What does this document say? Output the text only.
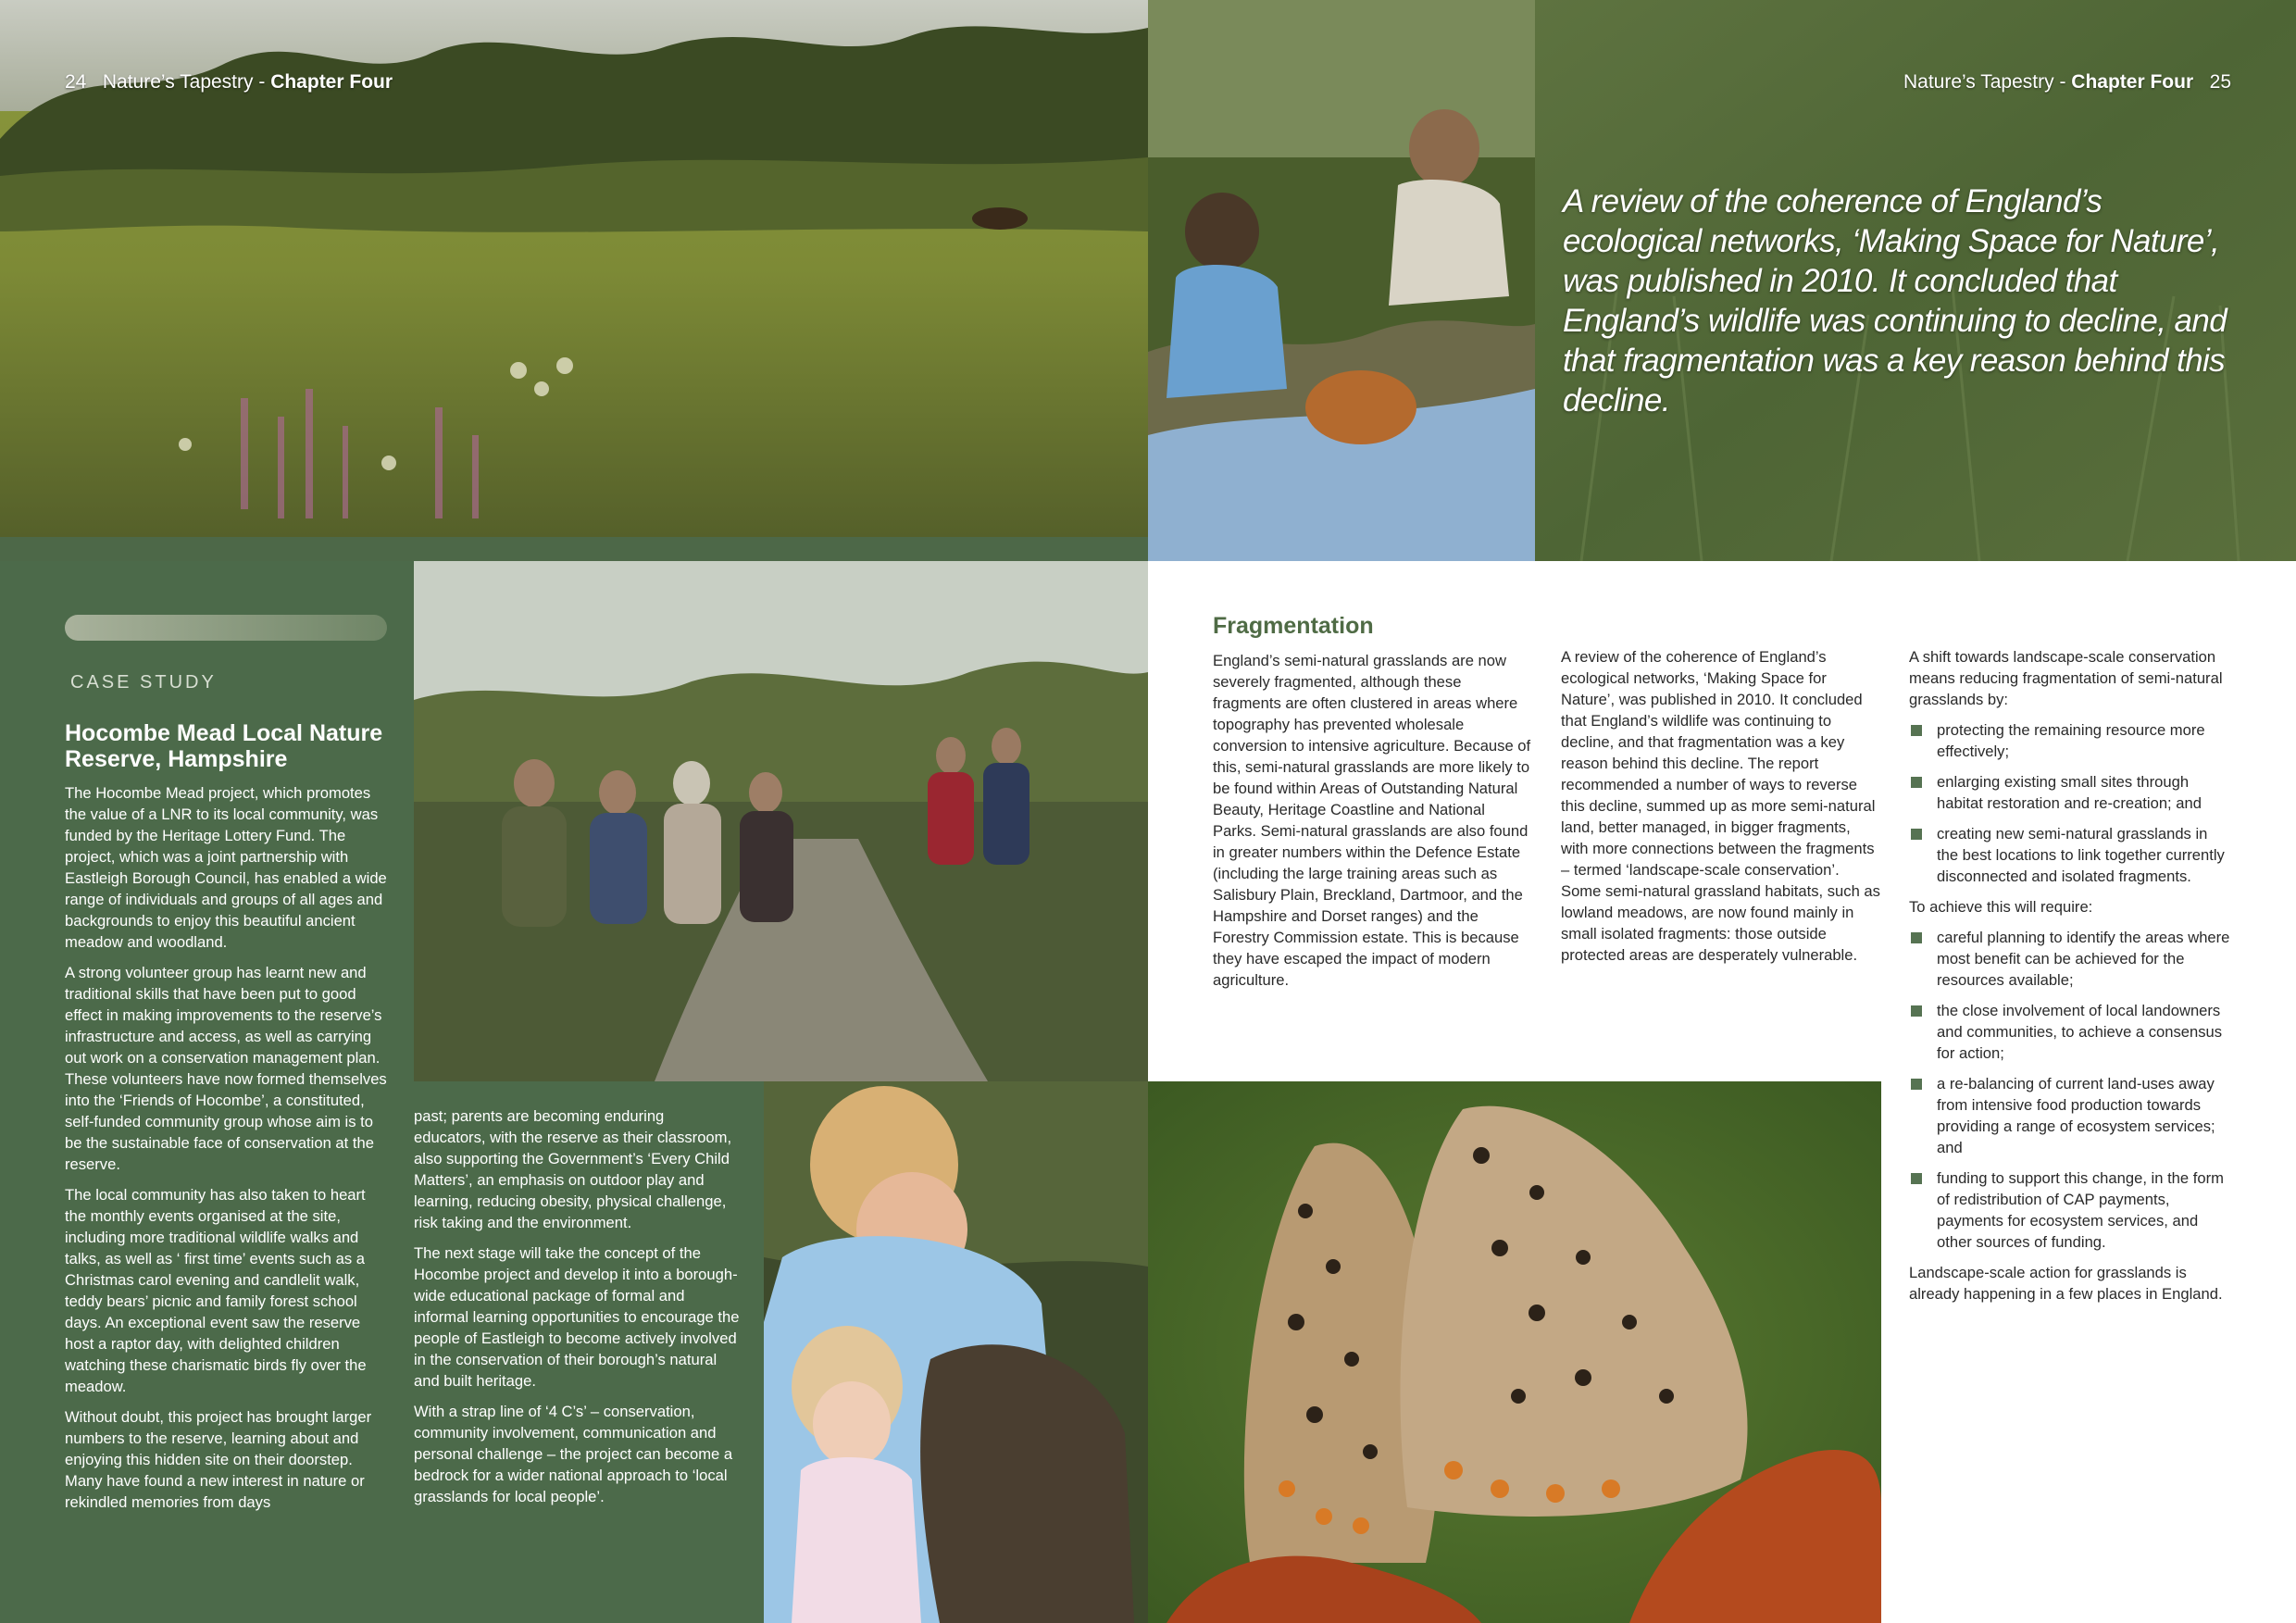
24 Nature’s Tapestry - Chapter Four	Nature’s Tapestry - Chapter Four 25
A review of the coherence of England’s ecological networks, ‘Making Space for Nature’, was published in 2010. It concluded that England’s wildlife was continuing to decline, and that fragmentation was a key reason behind this decline.
CASE STUDY
Hocombe Mead Local Nature Reserve, Hampshire

The Hocombe Mead project, which promotes the value of a LNR to its local community, was funded by the Heritage Lottery Fund. The project, which was a joint partnership with Eastleigh Borough Council, has enabled a wide range of individuals and groups of all ages and backgrounds to enjoy this beautiful ancient meadow and woodland.

A strong volunteer group has learnt new and traditional skills that have been put to good effect in making improvements to the reserve’s infrastructure and access, as well as carrying out work on a conservation management plan. These volunteers have now formed themselves into the ‘Friends of Hocombe’, a constituted, self-funded community group whose aim is to be the sustainable face of conservation at the reserve.

The local community has also taken to heart the monthly events organised at the site, including more traditional wildlife walks and talks, as well as ‘ first time’ events such as a Christmas carol evening and candlelit walk, teddy bears’ picnic and family forest school days. An exceptional event saw the reserve host a raptor day, with delighted children watching these charismatic birds fly over the meadow.

Without doubt, this project has brought larger numbers to the reserve, learning about and enjoying this hidden site on their doorstep. Many have found a new interest in nature or rekindled memories from days

past; parents are becoming enduring educators, with the reserve as their classroom, also supporting the Government’s ‘Every Child Matters’, an emphasis on outdoor play and learning, reducing obesity, physical challenge, risk taking and the environment.

The next stage will take the concept of the Hocombe project and develop it into a borough-wide educational package of formal and informal learning opportunities to encourage the people of Eastleigh to become actively involved in the conservation of their borough’s natural and built heritage.

With a strap line of ‘4 C’s’ – conservation, community involvement, communication and personal challenge – the project can become a bedrock for a wider national approach to ‘local grasslands for local people’.

Fragmentation

England’s semi-natural grasslands are now severely fragmented, although these fragments are often clustered in areas where topography has prevented wholesale conversion to intensive agriculture. Because of this, semi-natural grasslands are more likely to be found within Areas of Outstanding Natural Beauty, Heritage Coastline and National Parks. Semi-natural grasslands are also found in greater numbers within the Defence Estate (including the large training areas such as Salisbury Plain, Breckland, Dartmoor, and the Hampshire and Dorset ranges) and the Forestry Commission estate. This is because they have escaped the impact of modern agriculture.

A review of the coherence of England’s ecological networks, ‘Making Space for Nature’, was published in 2010. It concluded that England’s wildlife was continuing to decline, and that fragmentation was a key reason behind this decline. The report recommended a number of ways to reverse this decline, summed up as more semi-natural land, better managed, in bigger fragments, with more connections between the fragments – termed ‘landscape-scale conservation’. Some semi-natural grassland habitats, such as lowland meadows, are now found mainly in small isolated fragments: those outside protected areas are desperately vulnerable.

A shift towards landscape-scale conservation means reducing fragmentation of semi-natural grasslands by:

protecting the remaining resource more effectively;
enlarging existing small sites through habitat restoration and re-creation; and
creating new semi-natural grasslands in the best locations to link together currently disconnected and isolated fragments.

To achieve this will require:

careful planning to identify the areas where most benefit can be achieved for the resources available;
the close involvement of local landowners and communities, to achieve a consensus for action;
a re-balancing of current land-uses away from intensive food production towards providing a range of ecosystem services; and
funding to support this change, in the form of redistribution of CAP payments, payments for ecosystem services, and other sources of funding.

Landscape-scale action for grasslands is already happening in a few places in England.
